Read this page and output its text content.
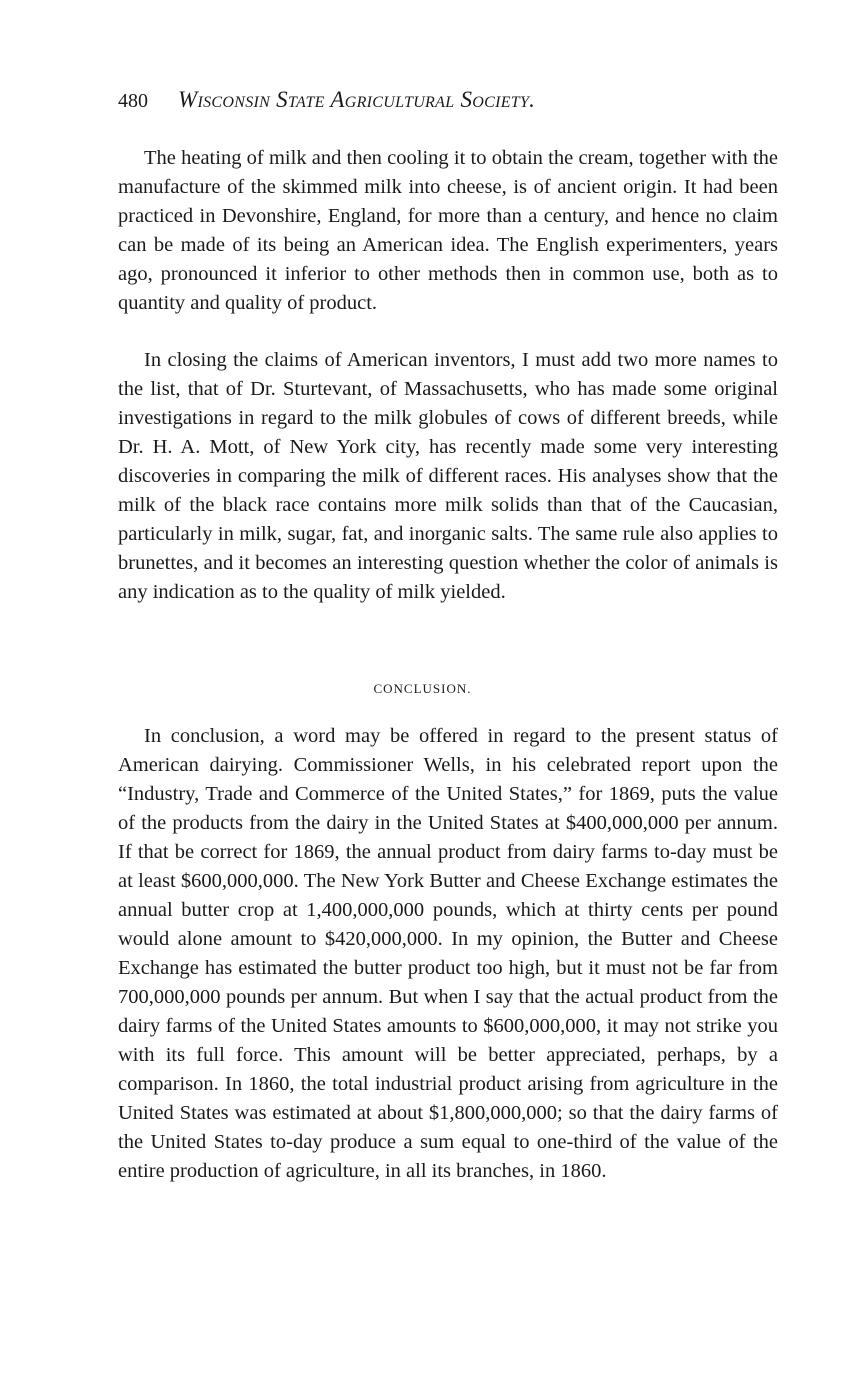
480 Wisconsin State Agricultural Society.

The heating of milk and then cooling it to obtain the cream, together with the manufacture of the skimmed milk into cheese, is of ancient origin. It had been practiced in Devonshire, England, for more than a century, and hence no claim can be made of its being an American idea. The English experimenters, years ago, pronounced it inferior to other methods then in common use, both as to quantity and quality of product.

In closing the claims of American inventors, I must add two more names to the list, that of Dr. Sturtevant, of Massachusetts, who has made some original investigations in regard to the milk globules of cows of different breeds, while Dr. H. A. Mott, of New York city, has recently made some very interesting discoveries in comparing the milk of different races. His analyses show that the milk of the black race contains more milk solids than that of the Caucasian, particularly in milk, sugar, fat, and inorganic salts. The same rule also applies to brunettes, and it becomes an interesting question whether the color of animals is any indication as to the quality of milk yielded.

CONCLUSION.

In conclusion, a word may be offered in regard to the present status of American dairying. Commissioner Wells, in his celebrated report upon the “Industry, Trade and Commerce of the United States,” for 1869, puts the value of the products from the dairy in the United States at $400,000,000 per annum. If that be correct for 1869, the annual product from dairy farms to-day must be at least $600,000,000. The New York Butter and Cheese Exchange estimates the annual butter crop at 1,400,000,000 pounds, which at thirty cents per pound would alone amount to $420,000,000. In my opinion, the Butter and Cheese Exchange has estimated the butter product too high, but it must not be far from 700,000,000 pounds per annum. But when I say that the actual product from the dairy farms of the United States amounts to $600,000,000, it may not strike you with its full force. This amount will be better appreciated, perhaps, by a comparison. In 1860, the total industrial product arising from agriculture in the United States was estimated at about $1,800,000,000; so that the dairy farms of the United States to-day produce a sum equal to one-third of the value of the entire production of agriculture, in all its branches, in 1860.
